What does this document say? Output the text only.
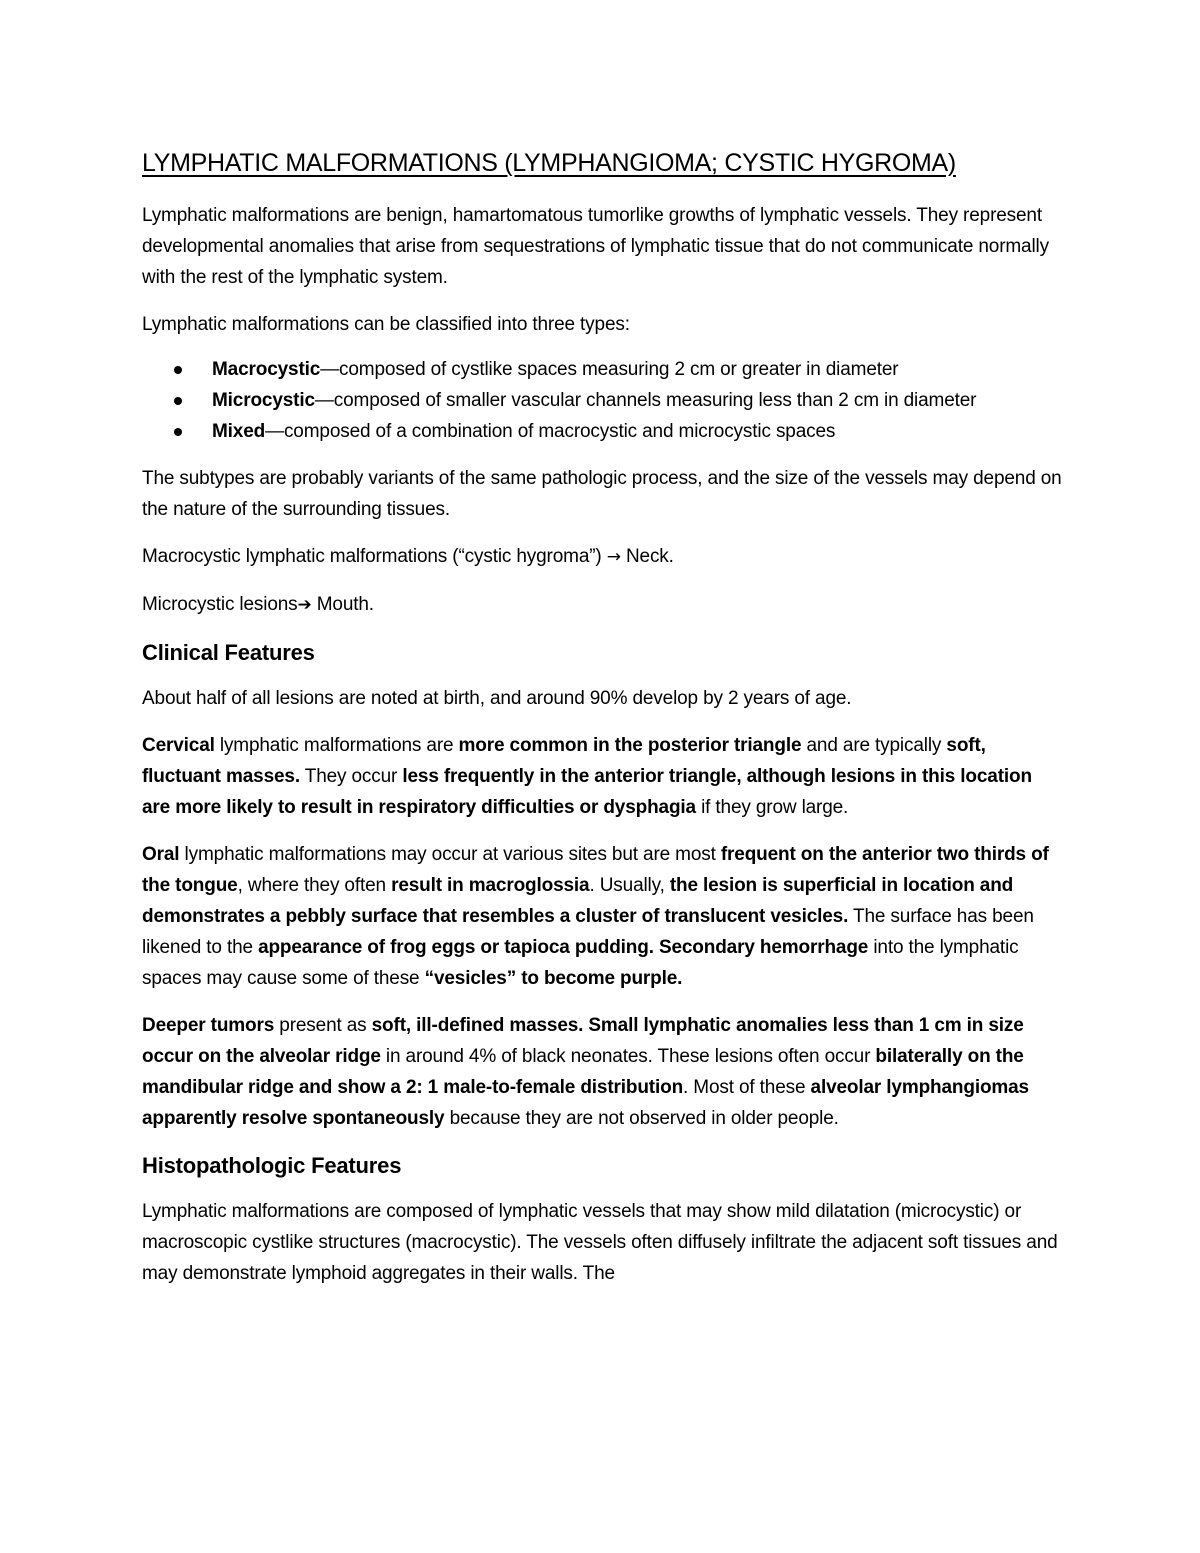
LYMPHATIC MALFORMATIONS (LYMPHANGIOMA; CYSTIC HYGROMA)

Lymphatic malformations are benign, hamartomatous tumorlike growths of lymphatic vessels. They represent developmental anomalies that arise from sequestrations of lymphatic tissue that do not communicate normally with the rest of the lymphatic system.

Lymphatic malformations can be classified into three types:

Macrocystic—composed of cystlike spaces measuring 2 cm or greater in diameter
Microcystic—composed of smaller vascular channels measuring less than 2 cm in diameter
Mixed—composed of a combination of macrocystic and microcystic spaces

The subtypes are probably variants of the same pathologic process, and the size of the vessels may depend on the nature of the surrounding tissues.

Macrocystic lymphatic malformations (“cystic hygroma”) → Neck.

Microcystic lesions➔ Mouth.

Clinical Features

About half of all lesions are noted at birth, and around 90% develop by 2 years of age.

Cervical lymphatic malformations are more common in the posterior triangle and are typically soft, fluctuant masses. They occur less frequently in the anterior triangle, although lesions in this location are more likely to result in respiratory difficulties or dysphagia if they grow large.

Oral lymphatic malformations may occur at various sites but are most frequent on the anterior two thirds of the tongue, where they often result in macroglossia. Usually, the lesion is superficial in location and demonstrates a pebbly surface that resembles a cluster of translucent vesicles. The surface has been likened to the appearance of frog eggs or tapioca pudding. Secondary hemorrhage into the lymphatic spaces may cause some of these “vesicles” to become purple.

Deeper tumors present as soft, ill-defined masses. Small lymphatic anomalies less than 1 cm in size occur on the alveolar ridge in around 4% of black neonates. These lesions often occur bilaterally on the mandibular ridge and show a 2: 1 male-to-female distribution. Most of these alveolar lymphangiomas apparently resolve spontaneously because they are not observed in older people.

Histopathologic Features

Lymphatic malformations are composed of lymphatic vessels that may show mild dilatation (microcystic) or macroscopic cystlike structures (macrocystic). The vessels often diffusely infiltrate the adjacent soft tissues and may demonstrate lymphoid aggregates in their walls. The
